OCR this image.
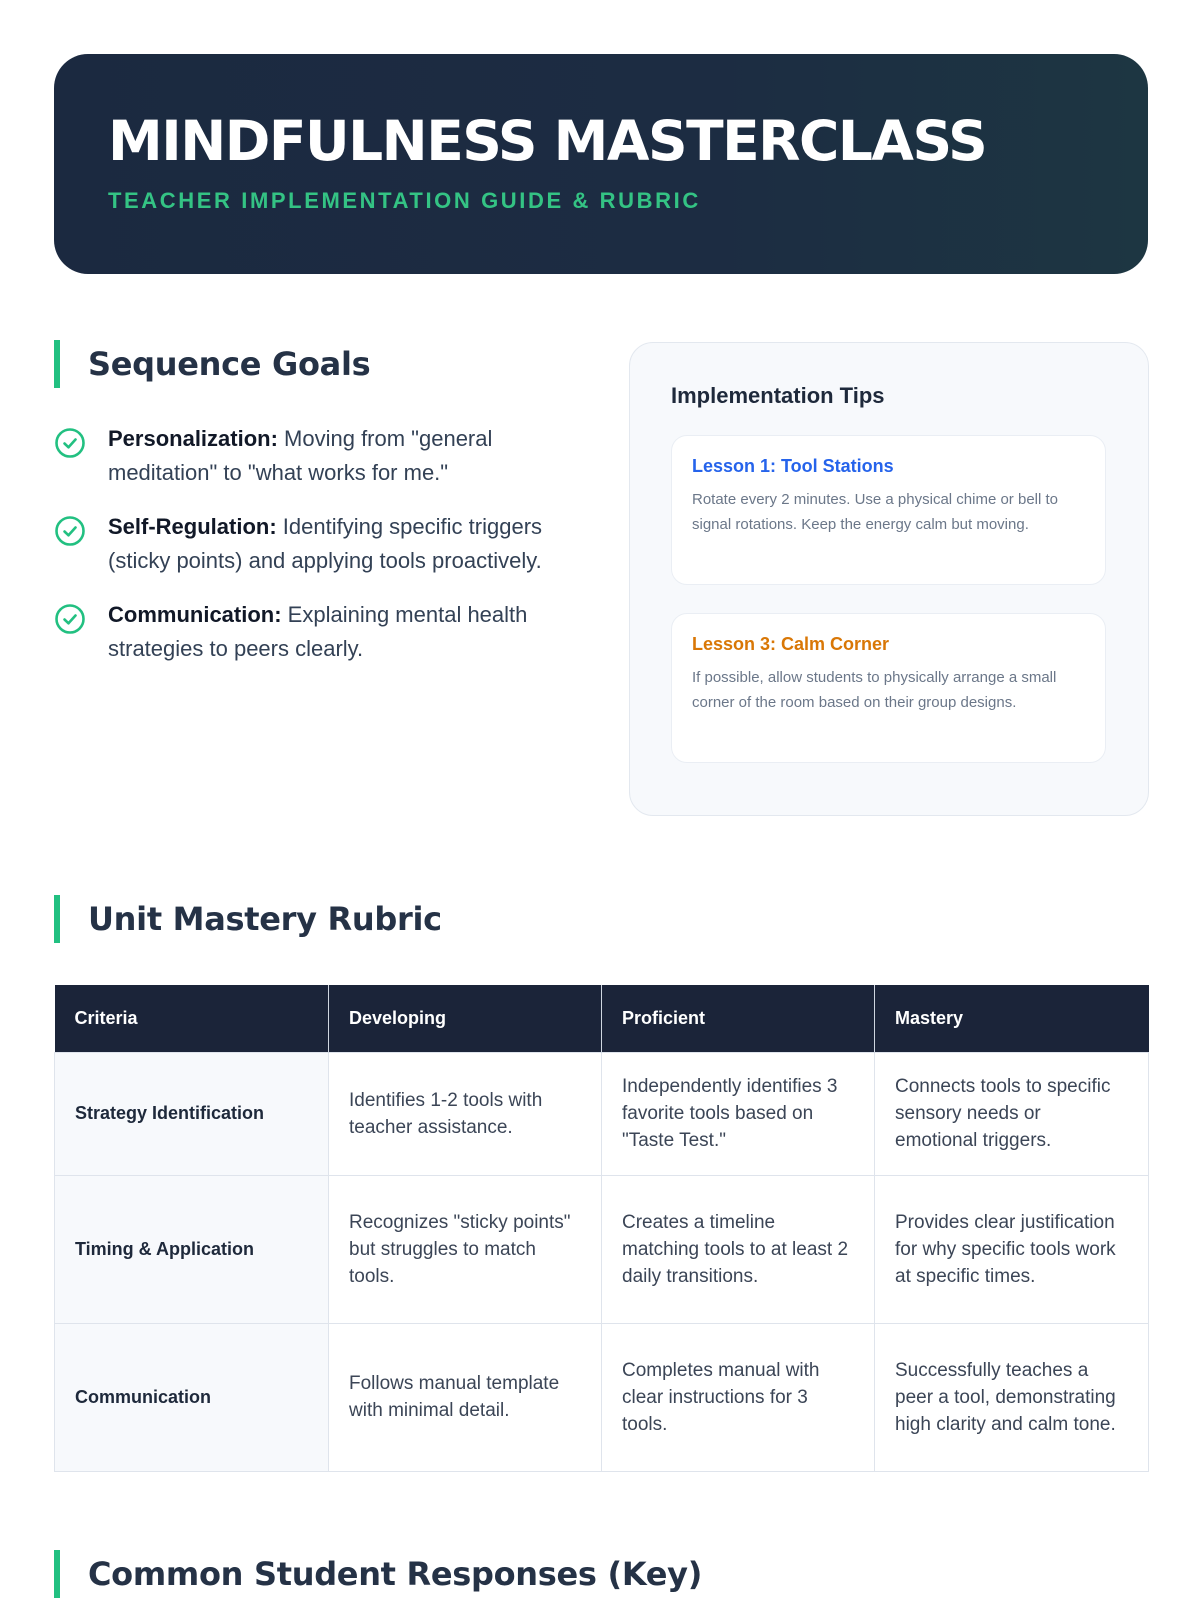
MINDFULNESS MASTERCLASS
TEACHER IMPLEMENTATION GUIDE & RUBRIC
Sequence Goals
Personalization: Moving from "general meditation" to "what works for me."
Self-Regulation: Identifying specific triggers (sticky points) and applying tools proactively.
Communication: Explaining mental health strategies to peers clearly.
Implementation Tips
Lesson 1: Tool Stations
Rotate every 2 minutes. Use a physical chime or bell to signal rotations. Keep the energy calm but moving.
Lesson 3: Calm Corner
If possible, allow students to physically arrange a small corner of the room based on their group designs.
Unit Mastery Rubric
Criteria	Developing	Proficient	Mastery
Strategy Identification	Identifies 1-2 tools with teacher assistance.	Independently identifies 3 favorite tools based on "Taste Test."	Connects tools to specific sensory needs or emotional triggers.
Timing & Application	Recognizes "sticky points" but struggles to match tools.	Creates a timeline matching tools to at least 2 daily transitions.	Provides clear justification for why specific tools work at specific times.
Communication	Follows manual template with minimal detail.	Completes manual with clear instructions for 3 tools.	Successfully teaches a peer a tool, demonstrating high clarity and calm tone.
Common Student Responses (Key)
